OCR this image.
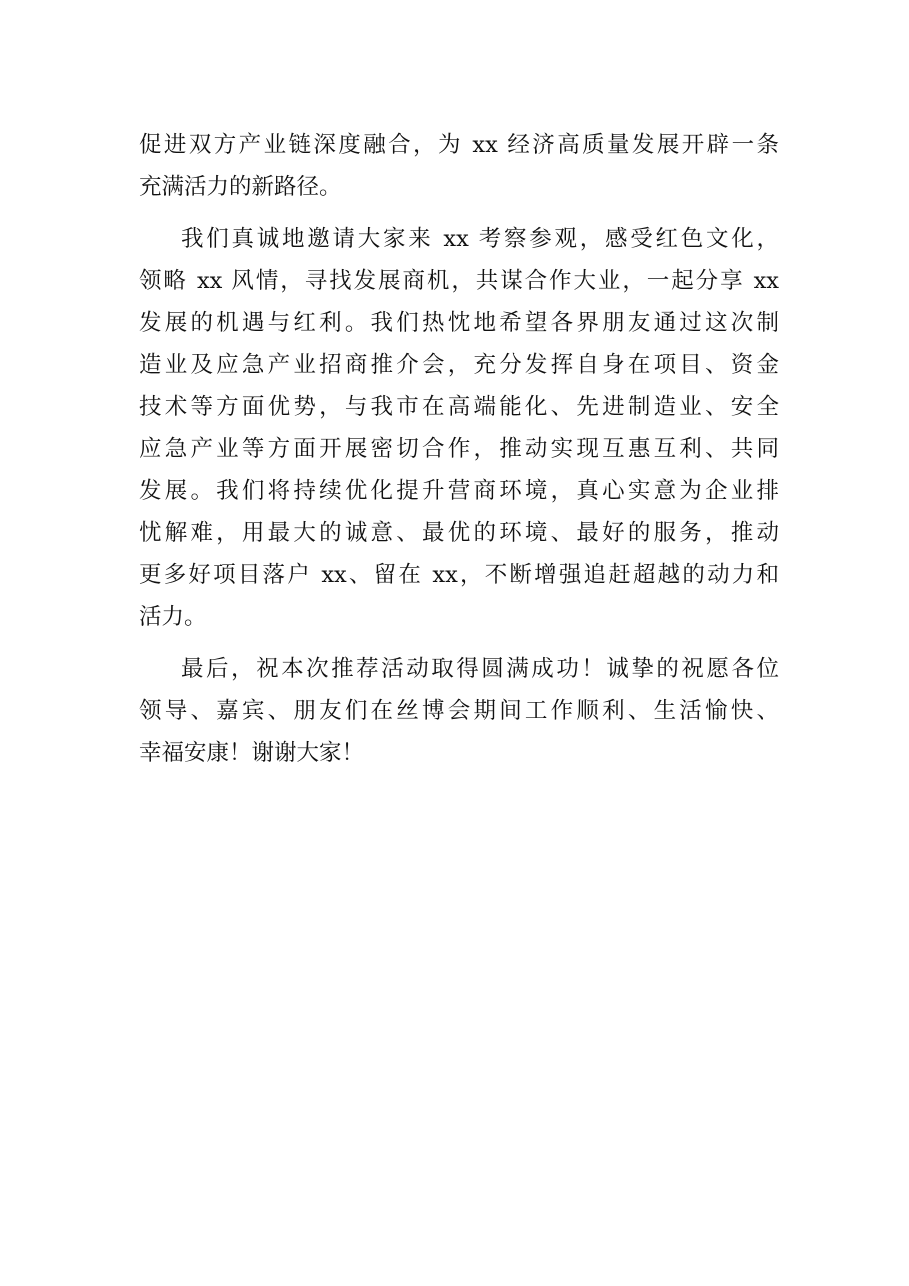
促进双方产业链深度融合，为 xx 经济高质量发展开辟一条
充满活力的新路径。
我们真诚地邀请大家来 xx 考察参观，感受红色文化，
领略 xx 风情，寻找发展商机，共谋合作大业，一起分享 xx
发展的机遇与红利。我们热忱地希望各界朋友通过这次制
造业及应急产业招商推介会，充分发挥自身在项目、资金
技术等方面优势，与我市在高端能化、先进制造业、安全
应急产业等方面开展密切合作，推动实现互惠互利、共同
发展。我们将持续优化提升营商环境，真心实意为企业排
忧解难，用最大的诚意、最优的环境、最好的服务，推动
更多好项目落户 xx、留在 xx，不断增强追赶超越的动力和
活力。
最后，祝本次推荐活动取得圆满成功！诚挚的祝愿各位
领导、嘉宾、朋友们在丝博会期间工作顺利、生活愉快、
幸福安康！谢谢大家！
